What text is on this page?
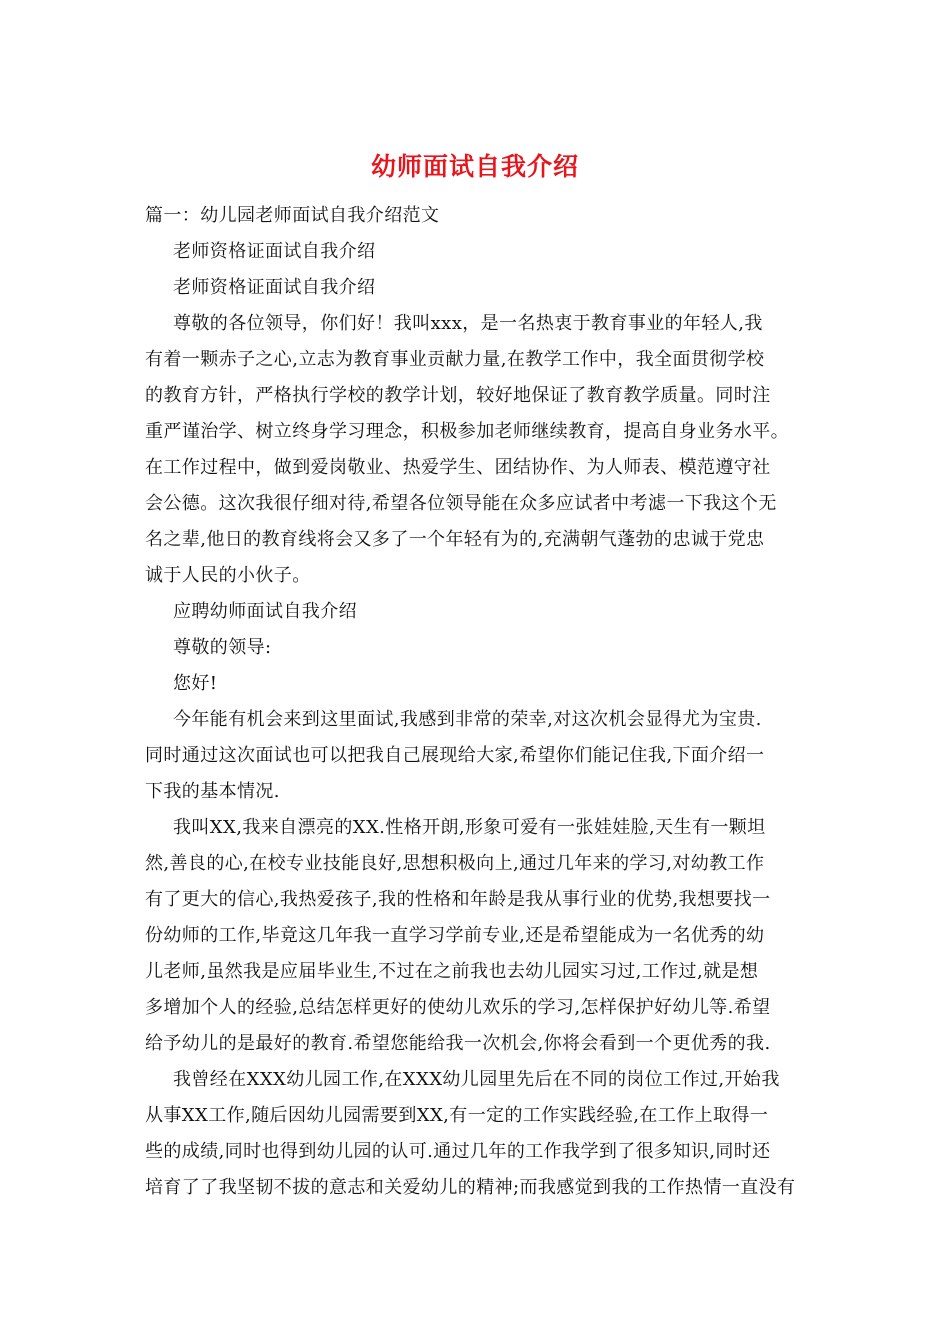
幼师面试自我介绍
篇一：幼儿园老师面试自我介绍范文
老师资格证面试自我介绍
老师资格证面试自我介绍
尊敬的各位领导，你们好！我叫xxx，是一名热衷于教育事业的年轻人,我
有着一颗赤子之心,立志为教育事业贡献力量,在教学工作中，我全面贯彻学校
的教育方针，严格执行学校的教学计划，较好地保证了教育教学质量。同时注
重严谨治学、树立终身学习理念，积极参加老师继续教育，提高自身业务水平。
在工作过程中，做到爱岗敬业、热爱学生、团结协作、为人师表、模范遵守社
会公德。这次我很仔细对待,希望各位领导能在众多应试者中考滤一下我这个无
名之辈,他日的教育线将会又多了一个年轻有为的,充满朝气蓬勃的忠诚于党忠
诚于人民的小伙子。
应聘幼师面试自我介绍
尊敬的领导:
您好!
今年能有机会来到这里面试,我感到非常的荣幸,对这次机会显得尤为宝贵.
同时通过这次面试也可以把我自己展现给大家,希望你们能记住我,下面介绍一
下我的基本情况.
我叫XX,我来自漂亮的XX.性格开朗,形象可爱有一张娃娃脸,天生有一颗坦
然,善良的心,在校专业技能良好,思想积极向上,通过几年来的学习,对幼教工作
有了更大的信心,我热爱孩子,我的性格和年龄是我从事行业的优势,我想要找一
份幼师的工作,毕竟这几年我一直学习学前专业,还是希望能成为一名优秀的幼
儿老师,虽然我是应届毕业生,不过在之前我也去幼儿园实习过,工作过,就是想
多增加个人的经验,总结怎样更好的使幼儿欢乐的学习,怎样保护好幼儿等.希望
给予幼儿的是最好的教育.希望您能给我一次机会,你将会看到一个更优秀的我.
我曾经在XXX幼儿园工作,在XXX幼儿园里先后在不同的岗位工作过,开始我
从事XX工作,随后因幼儿园需要到XX,有一定的工作实践经验,在工作上取得一
些的成绩,同时也得到幼儿园的认可.通过几年的工作我学到了很多知识,同时还
培育了了我坚韧不拔的意志和关爱幼儿的精神;而我感觉到我的工作热情一直没有
